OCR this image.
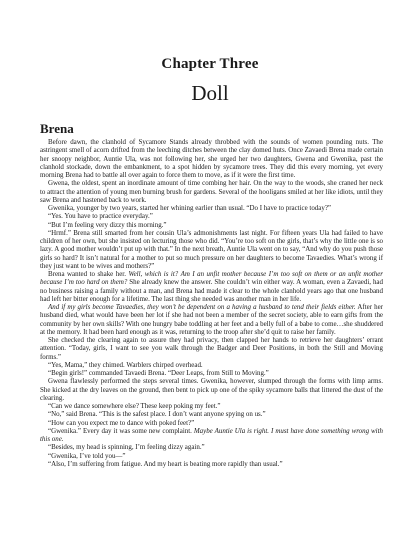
Chapter Three
Doll
Brena

Before dawn, the clanhold of Sycamore Stands already throbbed with the sounds of women pounding nuts. The astringent smell of acorn drifted from the leeching ditches between the clay domed huts. Once Zavaedi Brena made certain her snoopy neighbor, Auntie Ula, was not following her, she urged her two daughters, Gwena and Gwenika, past the clanhold stockade, down the embankment, to a spot hidden by sycamore trees. They did this every morning, yet every morning Brena had to battle all over again to force them to move, as if it were the first time.

Gwena, the oldest, spent an inordinate amount of time combing her hair. On the way to the woods, she craned her neck to attract the attention of young men burning brush for gardens. Several of the hooligans smiled at her like idiots, until they saw Brena and hastened back to work.

Gwenika, younger by two years, started her whining earlier than usual. “Do I have to practice today?”

“Yes. You have to practice everyday.”

“But I’m feeling very dizzy this morning.”

“Hrmf.” Brena still smarted from her cousin Ula’s admonishments last night. For fifteen years Ula had failed to have children of her own, but she insisted on lecturing those who did. “You’re too soft on the girls, that’s why the little one is so lazy. A good mother wouldn’t put up with that.” In the next breath, Auntie Ula went on to say, “And why do you push those girls so hard? It isn’t natural for a mother to put so much pressure on her daughters to become Tavaedies. What’s wrong if they just want to be wives and mothers?”

Brena wanted to shake her. Well, which is it? Am I an unfit mother because I’m too soft on them or an unfit mother because I’m too hard on them? She already knew the answer. She couldn’t win either way. A woman, even a Zavaedi, had no business raising a family without a man, and Brena had made it clear to the whole clanhold years ago that one husband had left her bitter enough for a lifetime. The last thing she needed was another man in her life.

And if my girls become Tavaedies, they won’t be dependent on a having a husband to tend their fields either. After her husband died, what would have been her lot if she had not been a member of the secret society, able to earn gifts from the community by her own skills? With one hungry babe toddling at her feet and a belly full of a babe to come…she shuddered at the memory. It had been hard enough as it was, returning to the troop after she’d quit to raise her family.

She checked the clearing again to assure they had privacy, then clapped her hands to retrieve her daughters’ errant attention. “Today, girls, I want to see you walk through the Badger and Deer Positions, in both the Still and Moving forms.”

“Yes, Mama,” they chimed. Warblers chirped overhead.

“Begin girls!” commanded Tavaedi Brena. “Deer Leaps, from Still to Moving.”

Gwena flawlessly performed the steps several times. Gwenika, however, slumped through the forms with limp arms. She kicked at the dry leaves on the ground, then bent to pick up one of the spiky sycamore balls that littered the dust of the clearing.

“Can we dance somewhere else? These keep poking my feet.”

“No,” said Brena. “This is the safest place. I don’t want anyone spying on us.”

“How can you expect me to dance with poked feet?”

“Gwenika.” Every day it was some new complaint. Maybe Auntie Ula is right. I must have done something wrong with this one.

“Besides, my head is spinning, I’m feeling dizzy again.”

“Gwenika, I’ve told you—”

“Also, I’m suffering from fatigue. And my heart is beating more rapidly than usual.”
